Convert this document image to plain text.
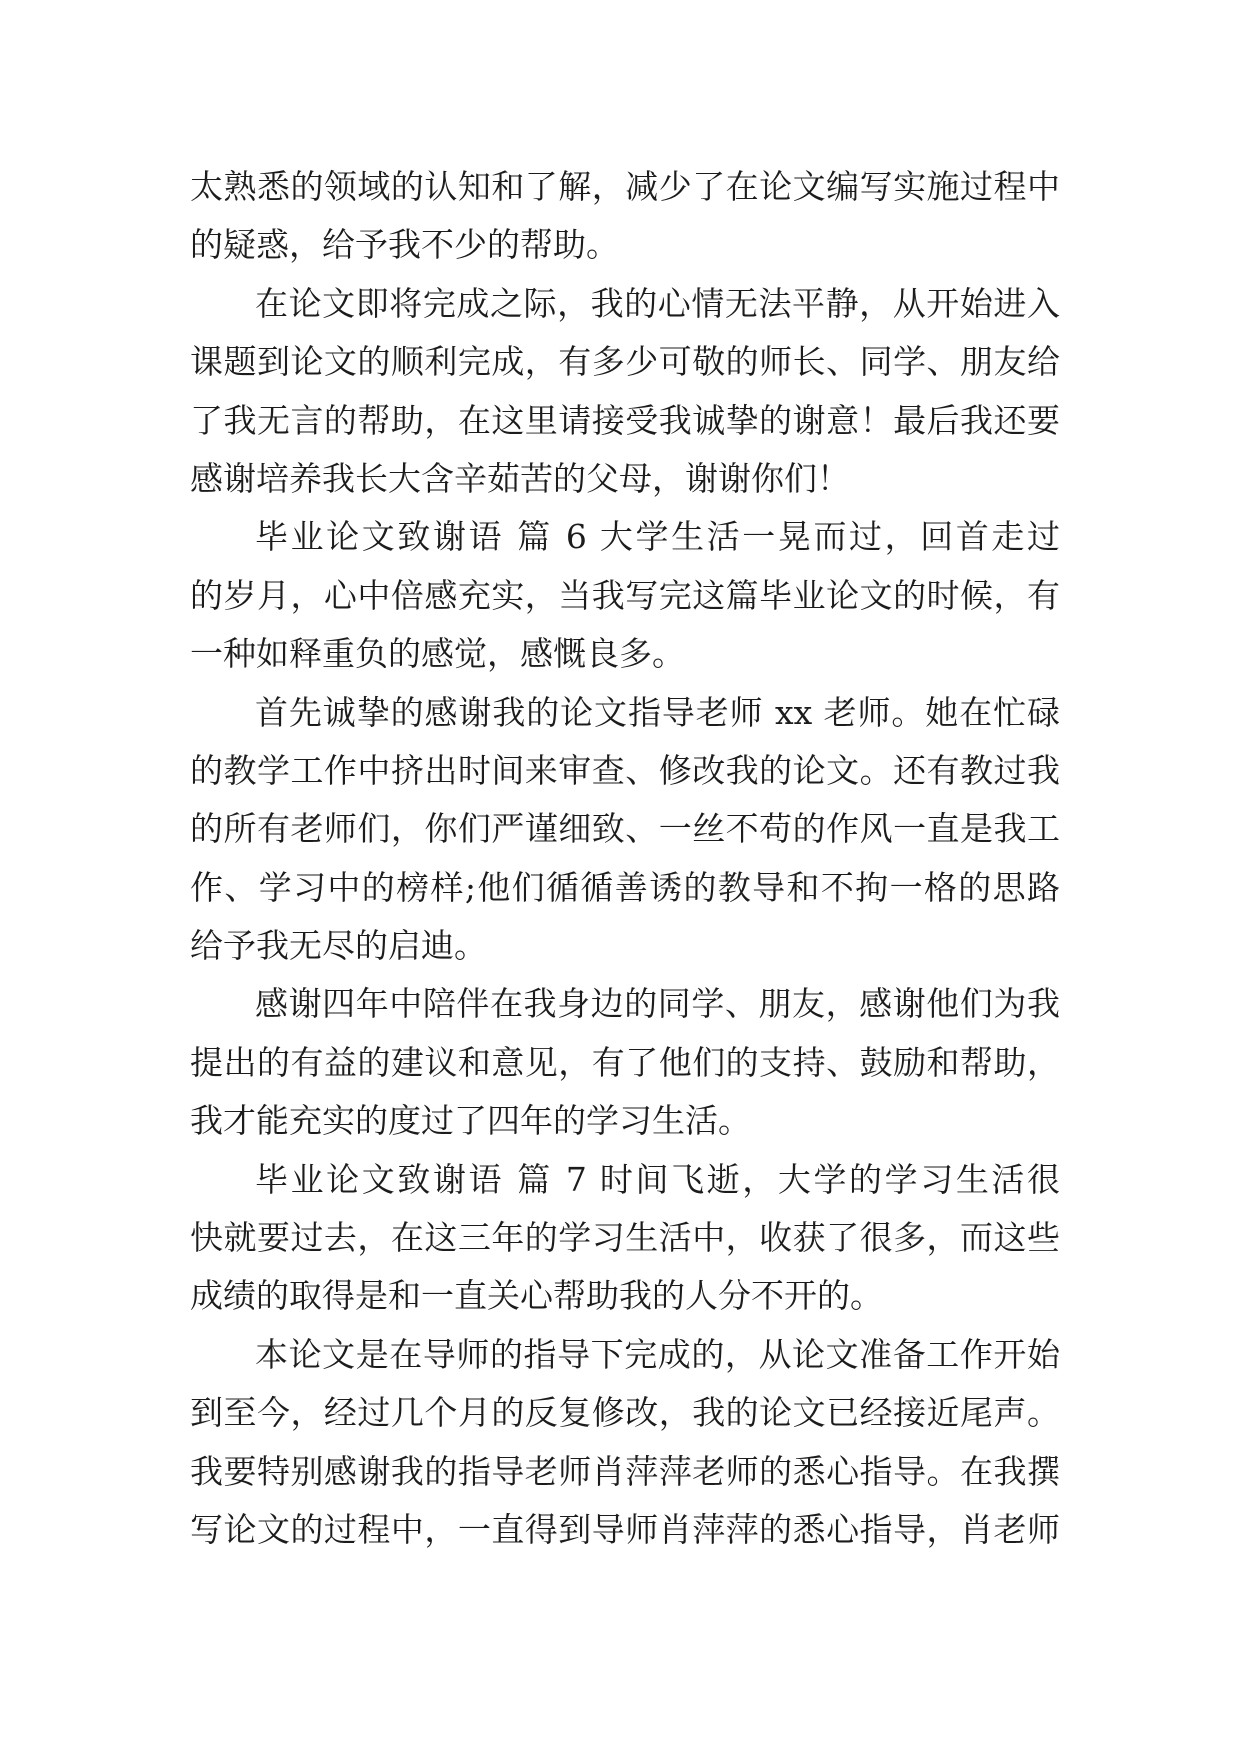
太熟悉的领域的认知和了解，减少了在论文编写实施过程中
的疑惑，给予我不少的帮助。
在论文即将完成之际，我的心情无法平静，从开始进入
课题到论文的顺利完成，有多少可敬的师长、同学、朋友给
了我无言的帮助，在这里请接受我诚挚的谢意！最后我还要
感谢培养我长大含辛茹苦的父母，谢谢你们！
毕业论文致谢语 篇 6 大学生活一晃而过，回首走过
的岁月，心中倍感充实，当我写完这篇毕业论文的时候，有
一种如释重负的感觉，感慨良多。
首先诚挚的感谢我的论文指导老师 xx 老师。她在忙碌
的教学工作中挤出时间来审查、修改我的论文。还有教过我
的所有老师们，你们严谨细致、一丝不苟的作风一直是我工
作、学习中的榜样;他们循循善诱的教导和不拘一格的思路
给予我无尽的启迪。
感谢四年中陪伴在我身边的同学、朋友，感谢他们为我
提出的有益的建议和意见，有了他们的支持、鼓励和帮助，
我才能充实的度过了四年的学习生活。
毕业论文致谢语 篇 7 时间飞逝，大学的学习生活很
快就要过去，在这三年的学习生活中，收获了很多，而这些
成绩的取得是和一直关心帮助我的人分不开的。
本论文是在导师的指导下完成的，从论文准备工作开始
到至今，经过几个月的反复修改，我的论文已经接近尾声。
我要特别感谢我的指导老师肖萍萍老师的悉心指导。在我撰
写论文的过程中，一直得到导师肖萍萍的悉心指导，肖老师
